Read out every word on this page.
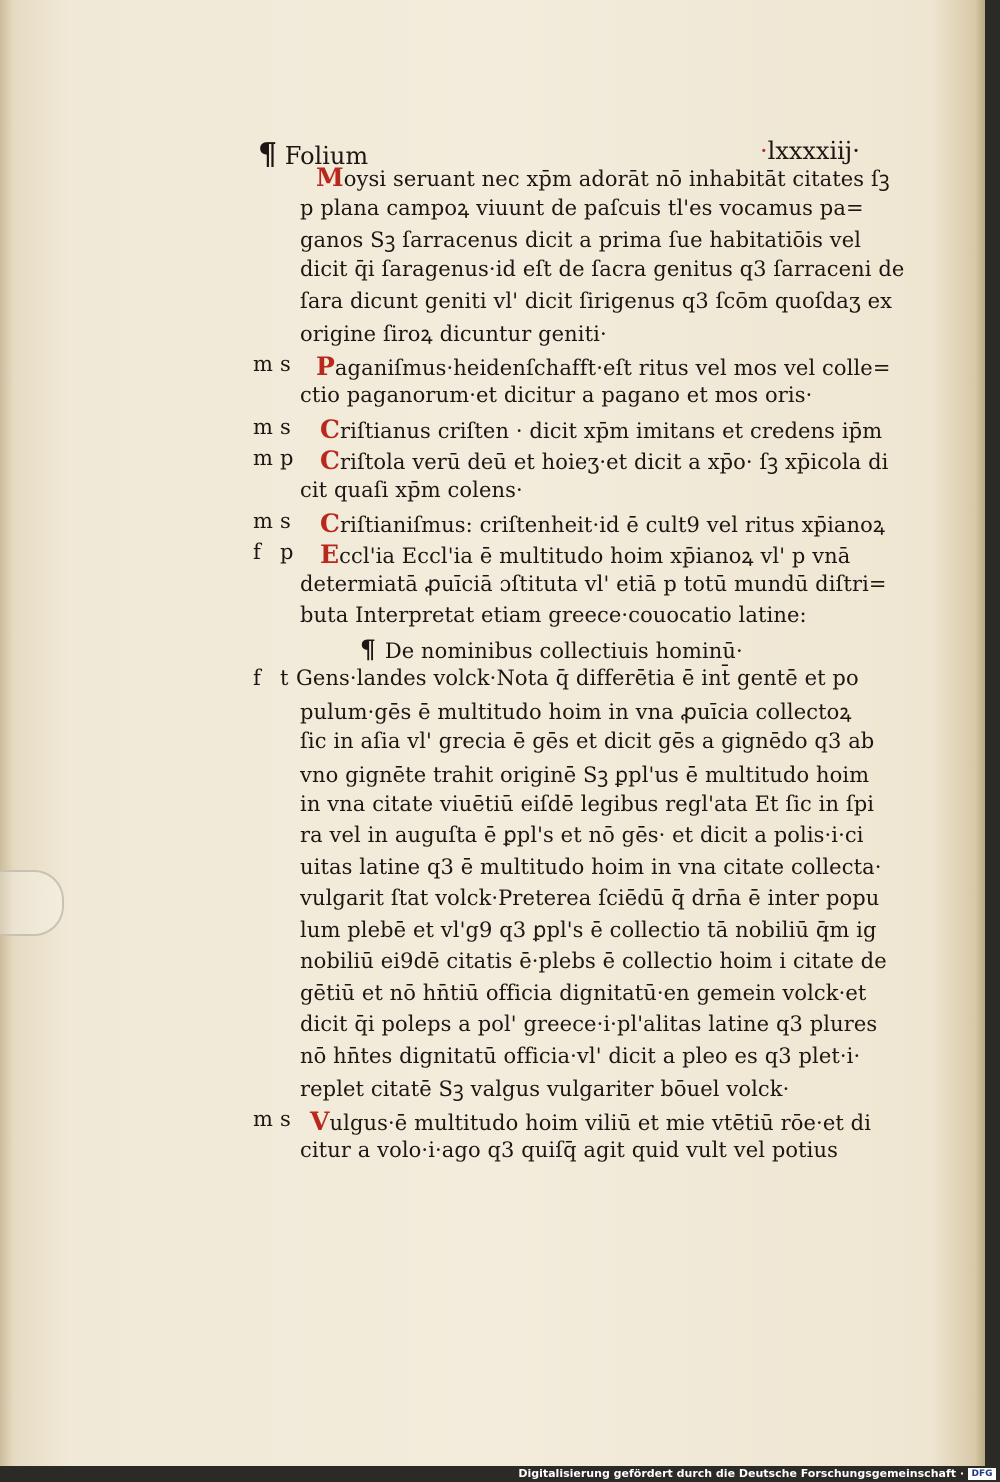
¶ Folium	·lxxxxiij·
Moysi seruant nec xp̄m adorāt nō inhabitāt citates ſꝫ
p plana campoꝝ viuunt de paſcuis tl'es vocamus pa=
ganos Sꝫ ſarracenus dicit a prima ſue habitatiōis vel
dicit q̄i ſaragenus·id eſt de ſacra genitus q3 ſarraceni de
ſara dicunt geniti vl' dicit ſirigenus q3 ſcōm quoſdaʒ ex
origine ſiroꝝ dicuntur geniti·
m s Paganiſmus·heidenſchafft·eſt ritus vel mos vel colle=
ctio paganorum·et dicitur a pagano et mos oris·
m s Criſtianus criſten · dicit xp̄m imitans et credens ip̄m
m p Criſtola verū deū et hoieʒ·et dicit a xp̄o· ſꝫ xp̄icola di
cit quaſi xp̄m colens·
m s Criſtianiſmus: criſtenheit·id ē cult9 vel ritus xp̄ianoꝝ
f p Eccl'ia Eccl'ia ē multitudo hoim xp̄ianoꝝ vl' p vnā
determiatā ꝓuīciā ɔſtituta vl' etiā p totū mundū diſtri=
buta Interpretat etiam greece·couocatio latine:
¶ De nominibus collectiuis hominū·
f t Gens·landes volck·Nota q̄ differētia ē int̄ gentē et po
pulum·gēs ē multitudo hoim in vna ꝓuīcia collectoꝝ
ſic in aſia vl' grecia ē gēs et dicit gēs a gignēdo q3 ab
vno gignēte trahit originē Sꝫ ꝑpl'us ē multitudo hoim
in vna citate viuētiū eiſdē legibus regl'ata Et ſic in ſpi
ra vel in auguſta ē ꝑpl's et nō gēs· et dicit a polis·i·ci
uitas latine q3 ē multitudo hoim in vna citate collecta·
vulgarit ſtat volck·Preterea ſciēdū q̄ drn̄a ē inter popu
lum plebē et vl'g9 q3 ꝑpl's ē collectio tā nobiliū q̄m ig
nobiliū ei9dē citatis ē·plebs ē collectio hoim i citate de
gētiū et nō hn̄tiū officia dignitatū·en gemein volck·et
dicit q̄i poleps a pol' greece·i·pl'alitas latine q3 plures
nō hn̄tes dignitatū officia·vl' dicit a pleo es q3 plet·i·
replet citatē Sꝫ valgus vulgariter bōuel volck·
m s Vulgus·ē multitudo hoim viliū et mie vtētiū rōe·et di
citur a volo·i·ago q3 quiſq̄ agit quid vult vel potius
Digitalisierung gefördert durch die Deutsche Forschungsgemeinschaft · DFG
